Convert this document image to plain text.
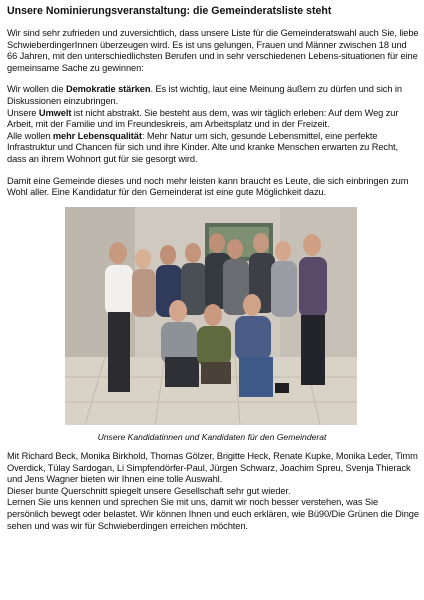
Unsere Nominierungsveranstaltung: die Gemeinderatsliste steht

Wir sind sehr zufrieden und zuversichtlich, dass unsere Liste für die Gemeinderatswahl auch Sie, liebe SchwieberdingerInnen überzeugen wird. Es ist uns gelungen, Frauen und Männer zwischen 18 und 66 Jahren, mit den unterschiedlichsten Berufen und in sehr verschiedenen Lebens-situationen für eine gemeinsame Sache zu gewinnen:

Wir wollen die Demokratie stärken. Es ist wichtig, laut eine Meinung äußern zu dürfen und sich in Diskussionen einzubringen.

Unsere Umwelt ist nicht abstrakt. Sie besteht aus dem, was wir täglich erleben: Auf dem Weg zur Arbeit, mit der Familie und im Freundeskreis, am Arbeitsplatz und in der Freizeit.

Alle wollen mehr Lebensqualität: Mehr Natur um sich, gesunde Lebensmittel, eine perfekte Infrastruktur und Chancen für sich und ihre Kinder. Alte und kranke Menschen erwarten zu Recht, dass an ihrem Wohnort gut für sie gesorgt wird.

Damit eine Gemeinde dieses und noch mehr leisten kann braucht es Leute, die sich einbringen zum Wohl aller. Eine Kandidatur für den Gemeinderat ist eine gute Möglichkeit dazu.

Unsere Kandidatinnen und Kandidaten für den Gemeinderat

Mit Richard Beck, Monika Birkhold, Thomas Gölzer, Brigitte Heck, Renate Kupke, Monika Leder, Timm Overdick, Tülay Sardogan, Li Simpfendörfer-Paul, Jürgen Schwarz, Joachim Spreu, Svenja Thierack und Jens Wagner bieten wir Ihnen eine tolle Auswahl.

Dieser bunte Querschnitt spiegelt unsere Gesellschaft sehr gut wieder.

Lernen Sie uns kennen und sprechen Sie mit uns, damit wir noch besser verstehen, was Sie persönlich bewegt oder belastet. Wir können Ihnen und euch erklären, wie Bü90/Die Grünen die Dinge sehen und was wir für Schwieberdingen erreichen möchten.
